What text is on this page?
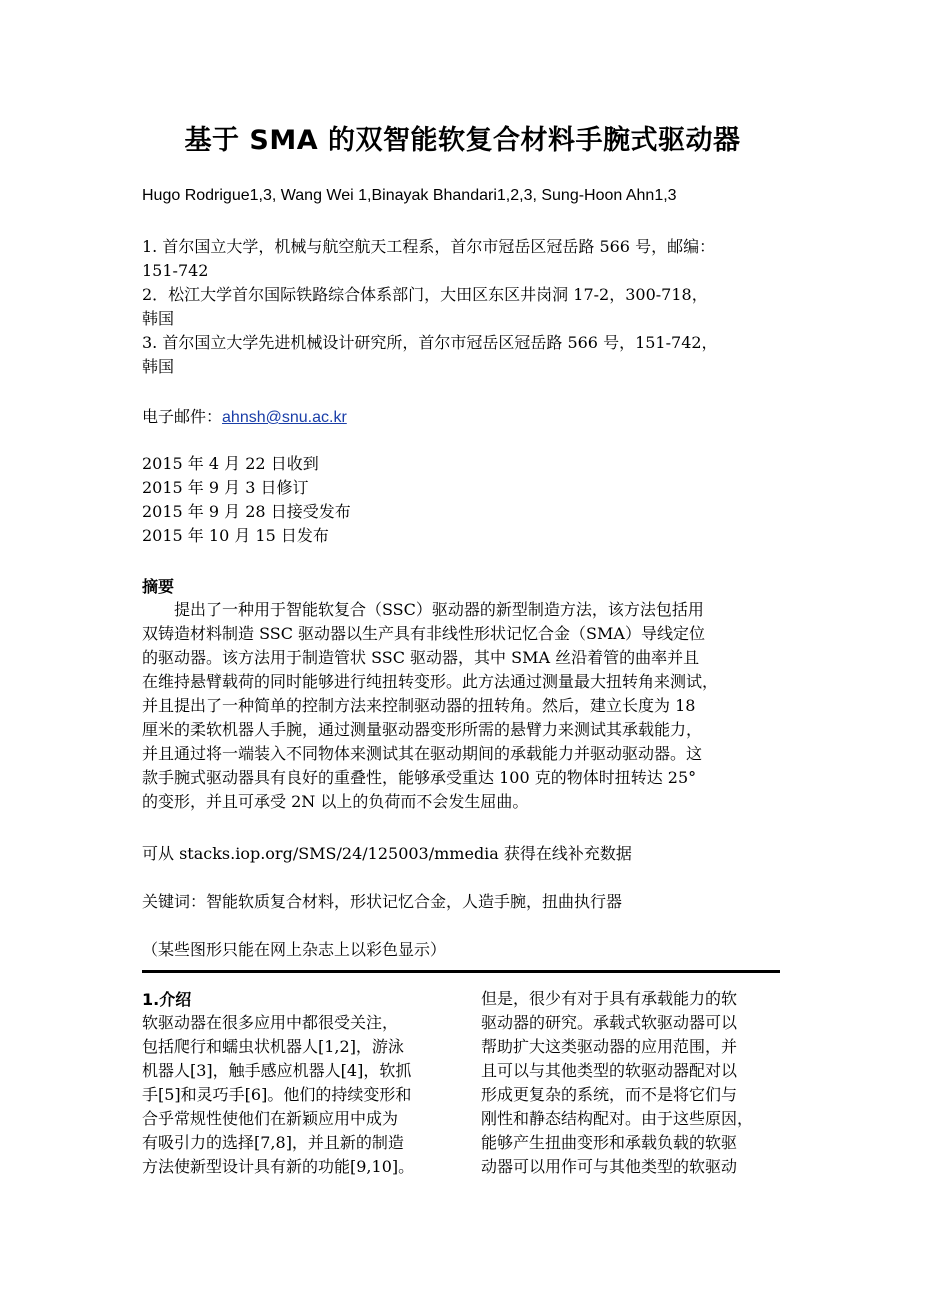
基于 SMA 的双智能软复合材料手腕式驱动器
Hugo Rodrigue1,3, Wang Wei 1,Binayak Bhandari1,2,3, Sung-Hoon Ahn1,3
1. 首尔国立大学，机械与航空航天工程系，首尔市冠岳区冠岳路 566 号，邮编：
151-742
2．松江大学首尔国际铁路综合体系部门，大田区东区井岗洞 17-2，300-718，
韩国
3. 首尔国立大学先进机械设计研究所，首尔市冠岳区冠岳路 566 号，151-742，
韩国
电子邮件：ahnsh@snu.ac.kr
2015 年 4 月 22 日收到
2015 年 9 月 3 日修订
2015 年 9 月 28 日接受发布
2015 年 10 月 15 日发布
摘要
　　提出了一种用于智能软复合（SSC）驱动器的新型制造方法，该方法包括用
双铸造材料制造 SSC 驱动器以生产具有非线性形状记忆合金（SMA）导线定位
的驱动器。该方法用于制造管状 SSC 驱动器，其中 SMA 丝沿着管的曲率并且
在维持悬臂载荷的同时能够进行纯扭转变形。此方法通过测量最大扭转角来测试，
并且提出了一种简单的控制方法来控制驱动器的扭转角。然后，建立长度为 18
厘米的柔软机器人手腕，通过测量驱动器变形所需的悬臂力来测试其承载能力，
并且通过将一端装入不同物体来测试其在驱动期间的承载能力并驱动驱动器。这
款手腕式驱动器具有良好的重叠性，能够承受重达 100 克的物体时扭转达 25°
的变形，并且可承受 2N 以上的负荷而不会发生屈曲。
可从 stacks.iop.org/SMS/24/125003/mmedia 获得在线补充数据
关键词：智能软质复合材料，形状记忆合金，人造手腕，扭曲执行器
（某些图形只能在网上杂志上以彩色显示）
1.介绍
软驱动器在很多应用中都很受关注，
包括爬行和蠕虫状机器人[1,2]，游泳
机器人[3]，触手感应机器人[4]，软抓
手[5]和灵巧手[6]。他们的持续变形和
合乎常规性使他们在新颖应用中成为
有吸引力的选择[7,8]，并且新的制造
方法使新型设计具有新的功能[9,10]。
但是，很少有对于具有承载能力的软
驱动器的研究。承载式软驱动器可以
帮助扩大这类驱动器的应用范围，并
且可以与其他类型的软驱动器配对以
形成更复杂的系统，而不是将它们与
刚性和静态结构配对。由于这些原因，
能够产生扭曲变形和承载负载的软驱
动器可以用作可与其他类型的软驱动
